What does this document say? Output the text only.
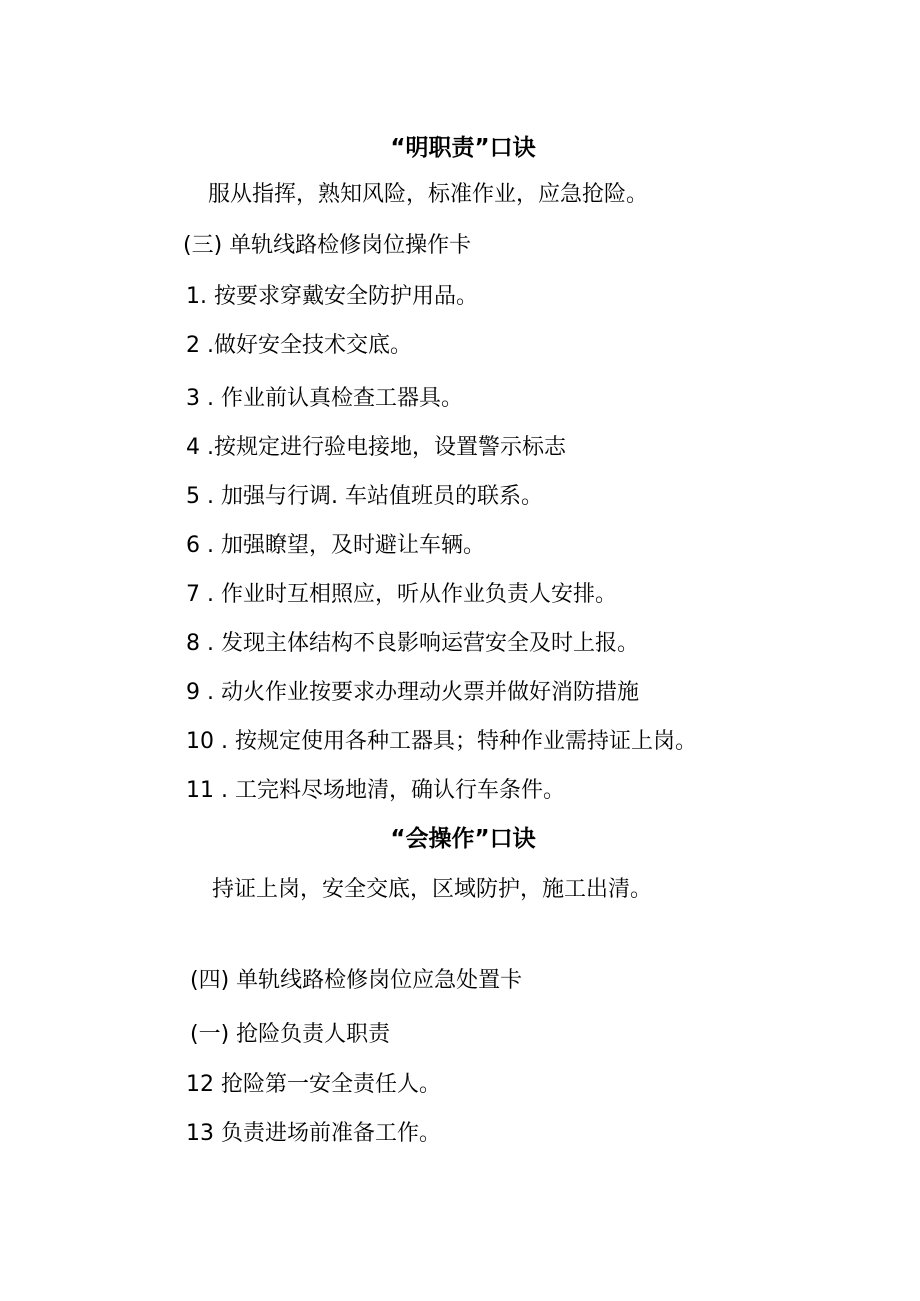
“明职责”口诀
服从指挥，熟知风险，标准作业，应急抢险。
(三) 单轨线路检修岗位操作卡
1. 按要求穿戴安全防护用品。
2 .做好安全技术交底。
3 . 作业前认真检查工器具。
4 .按规定进行验电接地，设置警示标志
5 . 加强与行调. 车站值班员的联系。
6 . 加强瞭望，及时避让车辆。
7 . 作业时互相照应，听从作业负责人安排。
8 . 发现主体结构不良影响运营安全及时上报。
9 . 动火作业按要求办理动火票并做好消防措施
10 . 按规定使用各种工器具；特种作业需持证上岗。
11 . 工完料尽场地清，确认行车条件。
“会操作”口诀
持证上岗，安全交底，区域防护，施工出清。
(四) 单轨线路检修岗位应急处置卡
(一) 抢险负责人职责
12 抢险第一安全责任人。
13 负责进场前准备工作。
